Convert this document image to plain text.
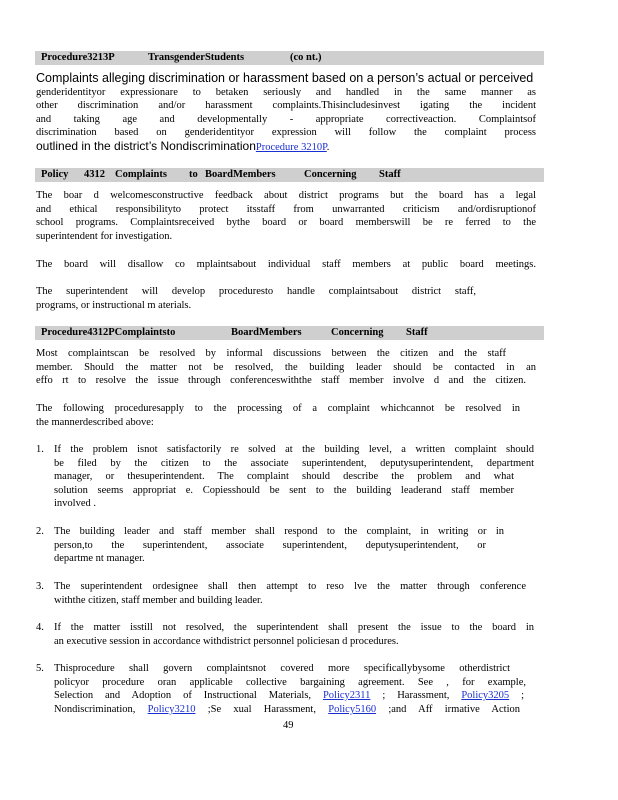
Procedure3213P	TransgenderStudents	(co nt.)
Complaints alleging discrimination or harassment based on a person’s actual or perceived
genderidentityor expressionare to betaken seriously and handled in the same manner as
other discrimination and/or harassment complaints.Thisincludesinvest igating the incident
and taking age and developmentally - appropriate correctiveaction. Complaintsof
discrimination based on genderidentityor expression will follow the complaint process
outlined in the district’s NondiscriminationProcedure 3210P.
Policy 4312 Complaints to BoardMembers	Concerning Staff
The boar d welcomesconstructive feedback about district programs but the board has a legal
and ethical responsibilityto protect itsstaff from unwarranted criticism and/ordisruptionof
school programs. Complaintsreceived bythe board or board memberswill be re ferred to the
superintendent for investigation.
The board will disallow co mplaintsabout individual staff members at public board meetings.
The superintendent will develop proceduresto handle complaintsabout district staff,
programs, or instructional m aterials.
Procedure4312PComplaintsto	BoardMembers	Concerning Staff
Most complaintscan be resolved by informal discussions between the citizen and the staff
member. Should the matter not be resolved, the building leader should be contacted in an
effo rt to resolve the issue through conferenceswiththe staff member involve d and the citizen.
The following proceduresapply to the processing of a complaint whichcannot be resolved in
the mannerdescribed above:
1. If the problem isnot satisfactorily re solved at the building level, a written complaint should
be filed by the citizen to the associate superintendent, deputysuperintendent, department
manager, or thesuperintendent. The complaint should describe the problem and what
solution seems appropriat e. Copiesshould be sent to the building leaderand staff member
involved .
2. The building leader and staff member shall respond to the complaint, in writing or in
person,to the superintendent, associate superintendent, deputysuperintendent, or
departme nt manager.
3. The superintendent ordesignee shall then attempt to reso lve the matter through conference
withthe citizen, staff member and building leader.
4. If the matter isstill not resolved, the superintendent shall present the issue to the board in
an executive session in accordance withdistrict personnel policiesan d procedures.
5. Thisprocedure shall govern complaintsnot covered more specificallybysome otherdistrict
policyor procedure oran applicable collective bargaining agreement. See , for example,
Selection and Adoption of Instructional Materials, Policy2311 ; Harassment, Policy3205 ;
Nondiscrimination, Policy3210 ;Se xual Harassment, Policy5160 ;and Aff irmative Action
49
